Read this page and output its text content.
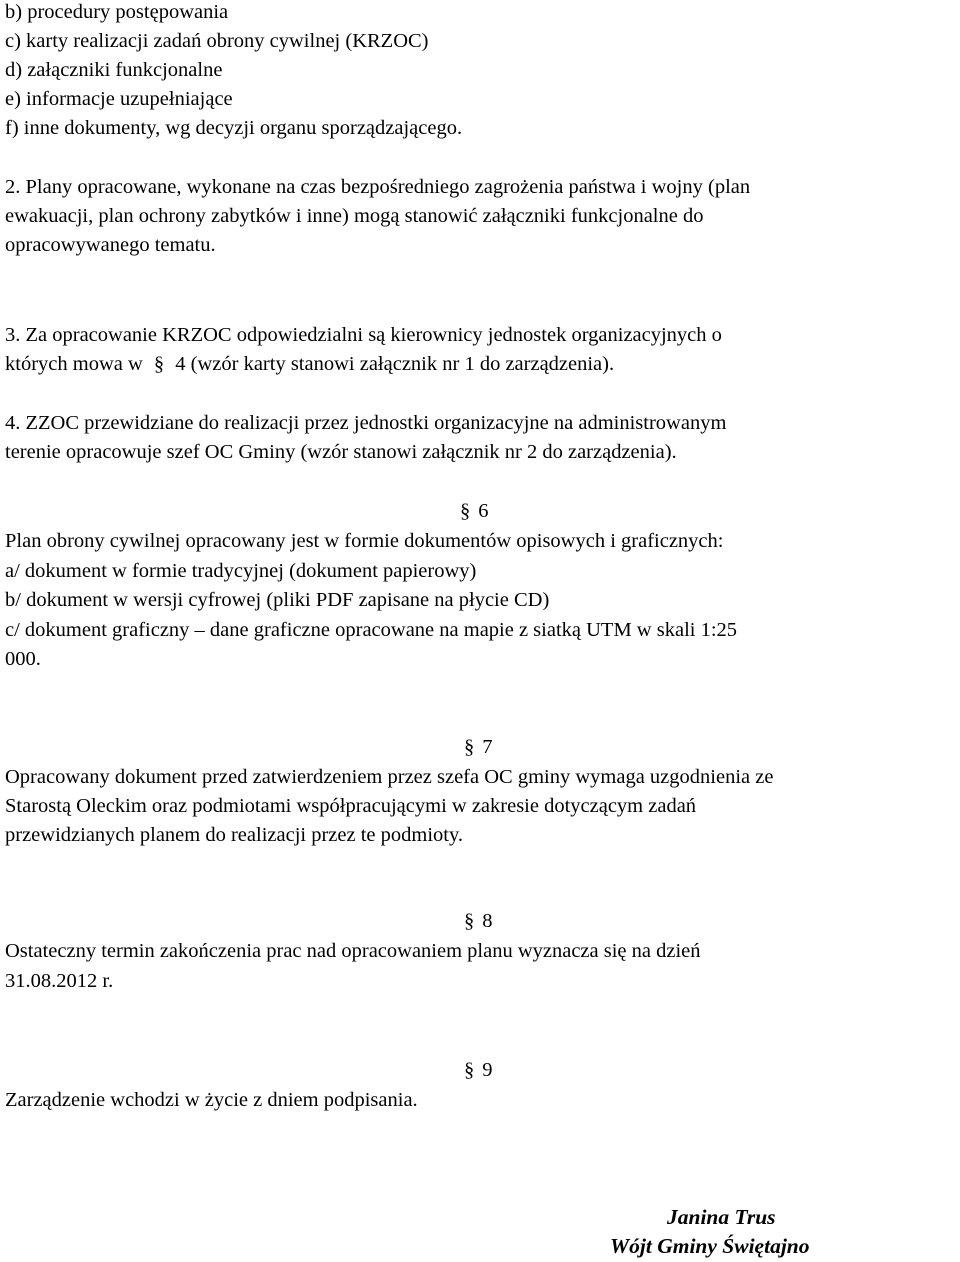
b) procedury postępowania
c) karty realizacji zadań obrony cywilnej (KRZOC)
d) załączniki funkcjonalne
e) informacje uzupełniające
f) inne dokumenty, wg decyzji organu sporządzającego.
2. Plany opracowane, wykonane na czas bezpośredniego zagrożenia państwa i wojny (plan
ewakuacji, plan ochrony zabytków i inne) mogą stanowić załączniki funkcjonalne do
opracowywanego tematu.
3. Za opracowanie KRZOC odpowiedzialni są kierownicy jednostek organizacyjnych o
których mowa w § 4 (wzór karty stanowi załącznik nr 1 do zarządzenia).
4. ZZOC przewidziane do realizacji przez jednostki organizacyjne na administrowanym
terenie opracowuje szef OC Gminy (wzór stanowi załącznik nr 2 do zarządzenia).
§ 6
Plan obrony cywilnej opracowany jest w formie dokumentów opisowych i graficznych:
a/ dokument w formie tradycyjnej (dokument papierowy)
b/ dokument w wersji cyfrowej (pliki PDF zapisane na płycie CD)
c/ dokument graficzny – dane graficzne opracowane na mapie z siatką UTM w skali 1:25
000.
§ 7
Opracowany dokument przed zatwierdzeniem przez szefa OC gminy wymaga uzgodnienia ze
Starostą Oleckim oraz podmiotami współpracującymi w zakresie dotyczącym zadań
przewidzianych planem do realizacji przez te podmioty.
§ 8
Ostateczny termin zakończenia prac nad opracowaniem planu wyznacza się na dzień
31.08.2012 r.
§ 9
Zarządzenie wchodzi w życie z dniem podpisania.
Janina Trus
Wójt Gminy Świętajno
